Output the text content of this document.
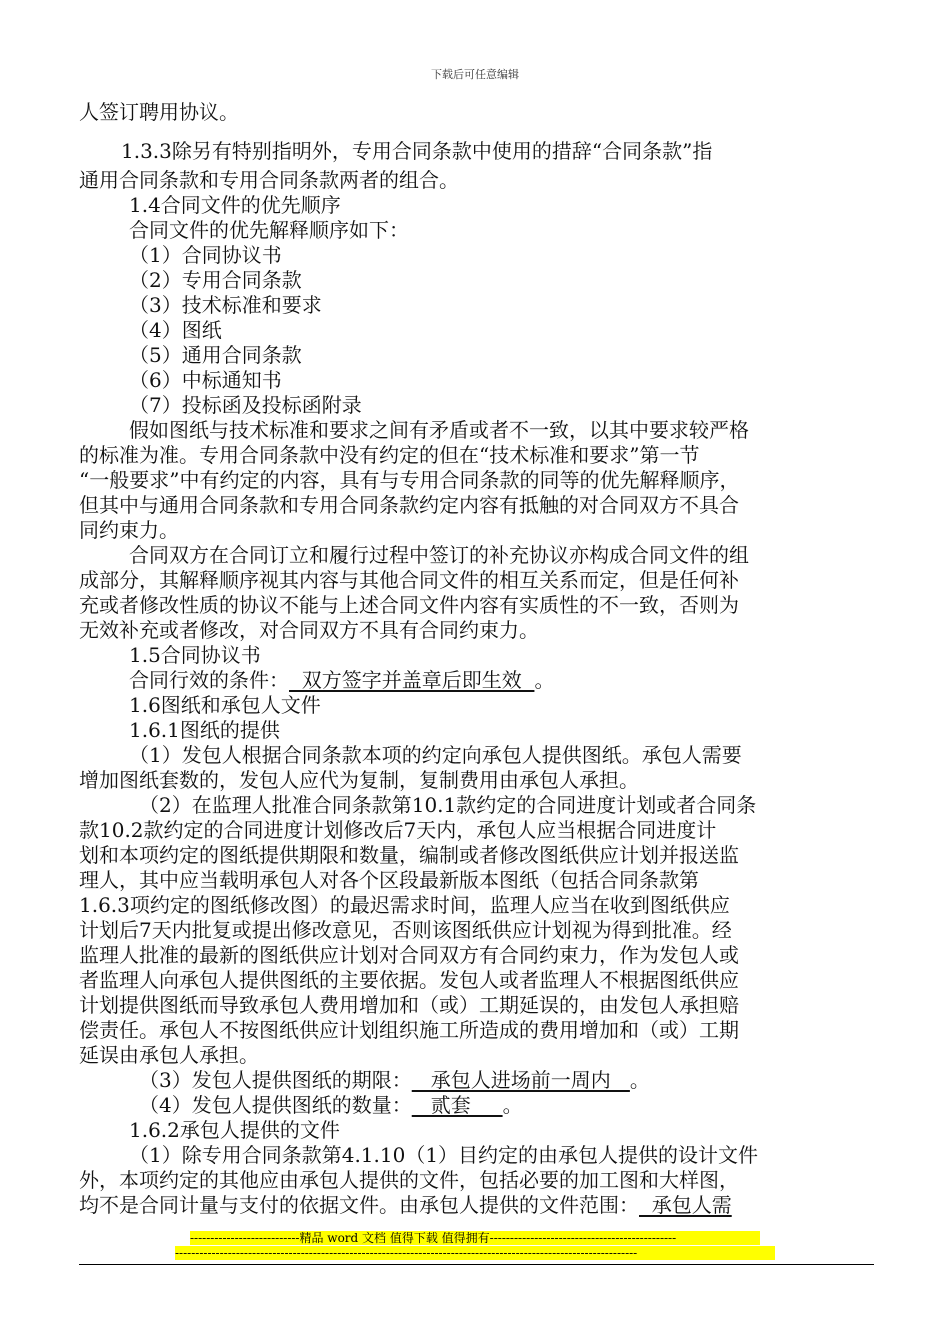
下载后可任意编辑
人签订聘用协议。
1.3.3除另有特别指明外，专用合同条款中使用的措辞“合同条款”指
通用合同条款和专用合同条款两者的组合。
1.4合同文件的优先顺序
合同文件的优先解释顺序如下：
（1）合同协议书
（2）专用合同条款
（3）技术标准和要求
（4）图纸
（5）通用合同条款
（6）中标通知书
（7）投标函及投标函附录
假如图纸与技术标准和要求之间有矛盾或者不一致，以其中要求较严格
的标准为准。专用合同条款中没有约定的但在“技术标准和要求”第一节
“一般要求”中有约定的内容，具有与专用合同条款的同等的优先解释顺序，
但其中与通用合同条款和专用合同条款约定内容有抵触的对合同双方不具合
同约束力。
合同双方在合同订立和履行过程中签订的补充协议亦构成合同文件的组
成部分，其解释顺序视其内容与其他合同文件的相互关系而定，但是任何补
充或者修改性质的协议不能与上述合同文件内容有实质性的不一致，否则为
无效补充或者修改，对合同双方不具有合同约束力。
1.5合同协议书
合同行效的条件：  双方签字并盖章后即生效  。
1.6图纸和承包人文件
1.6.1图纸的提供
（1）发包人根据合同条款本项的约定向承包人提供图纸。承包人需要
增加图纸套数的，发包人应代为复制，复制费用由承包人承担。
（2）在监理人批准合同条款第10.1款约定的合同进度计划或者合同条
款10.2款约定的合同进度计划修改后7天内，承包人应当根据合同进度计
划和本项约定的图纸提供期限和数量，编制或者修改图纸供应计划并报送监
理人，其中应当载明承包人对各个区段最新版本图纸（包括合同条款第
1.6.3项约定的图纸修改图）的最迟需求时间，监理人应当在收到图纸供应
计划后7天内批复或提出修改意见，否则该图纸供应计划视为得到批准。经
监理人批准的最新的图纸供应计划对合同双方有合同约束力，作为发包人或
者监理人向承包人提供图纸的主要依据。发包人或者监理人不根据图纸供应
计划提供图纸而导致承包人费用增加和（或）工期延误的，由发包人承担赔
偿责任。承包人不按图纸供应计划组织施工所造成的费用增加和（或）工期
延误由承包人承担。
（3）发包人提供图纸的期限：   承包人进场前一周内   。
（4）发包人提供图纸的数量：   贰套     。
1.6.2承包人提供的文件
（1）除专用合同条款第4.1.10（1）目约定的由承包人提供的设计文件
外，本项约定的其他应由承包人提供的文件，包括必要的加工图和大样图，
均不是合同计量与支付的依据文件。由承包人提供的文件范围：  承包人需
---------------------------精品 word 文档 值得下载 值得拥有----------------------------------------------
------------------------------------------------------------------------------------------------------------------
